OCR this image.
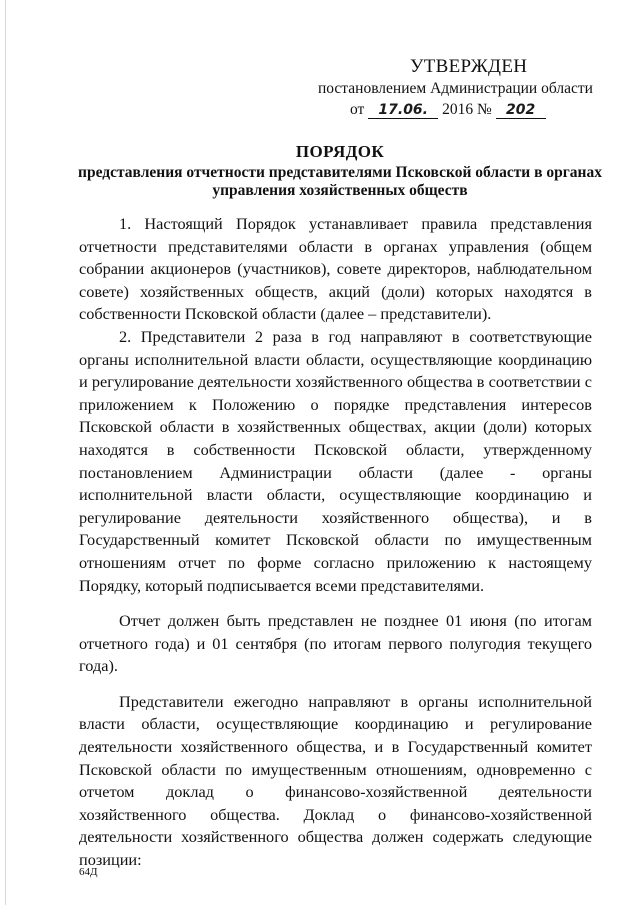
УТВЕРЖДЕН
постановлением Администрации области
от 17.06. 2016 № 202
ПОРЯДОК
представления отчетности представителями Псковской области в органах управления хозяйственных обществ

1. Настоящий Порядок устанавливает правила представления отчетности представителями области в органах управления (общем собрании акционеров (участников), совете директоров, наблюдательном совете) хозяйственных обществ, акций (доли) которых находятся в собственности Псковской области (далее – представители).

2. Представители 2 раза в год направляют в соответствующие органы исполнительной власти области, осуществляющие координацию и регулирование деятельности хозяйственного общества в соответствии с приложением к Положению о порядке представления интересов Псковской области в хозяйственных обществах, акции (доли) которых находятся в собственности Псковской области, утвержденному постановлением Администрации области (далее - органы исполнительной власти области, осуществляющие координацию и регулирование деятельности хозяйственного общества), и в Государственный комитет Псковской области по имущественным отношениям отчет по форме согласно приложению к настоящему Порядку, который подписывается всеми представителями.

Отчет должен быть представлен не позднее 01 июня (по итогам отчетного года) и 01 сентября (по итогам первого полугодия текущего года).

Представители ежегодно направляют в органы исполнительной власти области, осуществляющие координацию и регулирование деятельности хозяйственного общества, и в Государственный комитет Псковской области по имущественным отношениям, одновременно с отчетом доклад о финансово-хозяйственной деятельности хозяйственного общества. Доклад о финансово-хозяйственной деятельности хозяйственного общества должен содержать следующие позиции:

64Д
